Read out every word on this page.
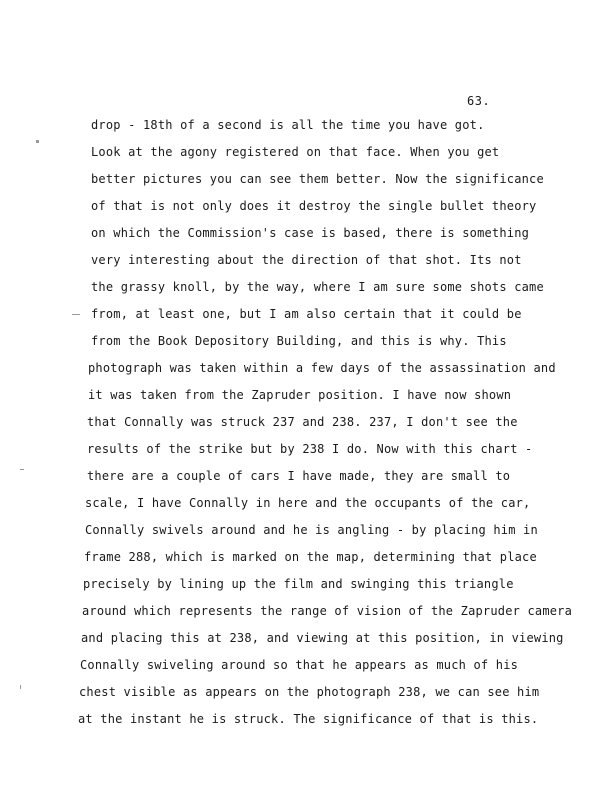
63.
drop - 18th of a second is all the time you have got.
Look at the agony registered on that face. When you get
better pictures you can see them better. Now the significance
of that is not only does it destroy the single bullet theory
on which the Commission's case is based, there is something
very interesting about the direction of that shot. Its not
the grassy knoll, by the way, where I am sure some shots came
from, at least one, but I am also certain that it could be
from the Book Depository Building, and this is why. This
photograph was taken within a few days of the assassination and
it was taken from the Zapruder position. I have now shown
that Connally was struck 237 and 238. 237, I don't see the
results of the strike but by 238 I do. Now with this chart -
there are a couple of cars I have made, they are small to
scale, I have Connally in here and the occupants of the car,
Connally swivels around and he is angling - by placing him in
frame 288, which is marked on the map, determining that place
precisely by lining up the film and swinging this triangle
around which represents the range of vision of the Zapruder camera
and placing this at 238, and viewing at this position, in viewing
Connally swiveling around so that he appears as much of his
chest visible as appears on the photograph 238, we can see him
at the instant he is struck. The significance of that is this.
